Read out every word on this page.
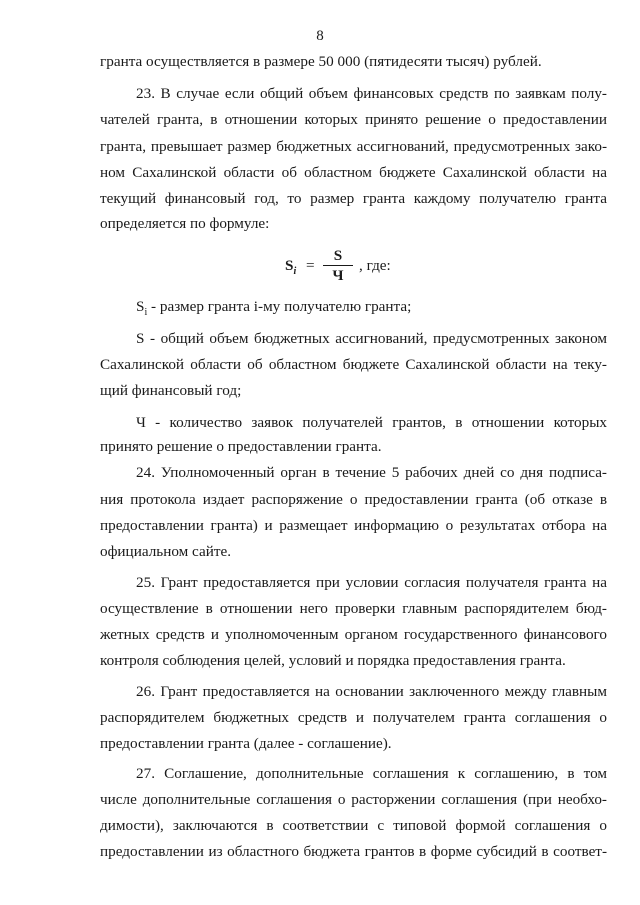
8
гранта осуществляется в размере 50 000 (пятидесяти тысяч) рублей.
23. В случае если общий объем финансовых средств по заявкам полу-
чателей гранта, в отношении которых принято решение о предоставлении
гранта, превышает размер бюджетных ассигнований, предусмотренных зако-
ном Сахалинской области об областном бюджете Сахалинской области на
текущий финансовый год, то размер гранта каждому получателю гранта
определяется по формуле:
$S_i$ =
S
Ч
, где:
$S_i$ - размер гранта i-му получателю гранта;
S - общий объем бюджетных ассигнований, предусмотренных законом
Сахалинской области об областном бюджете Сахалинской области на теку-
щий финансовый год;
Ч - количество заявок получателей грантов, в отношении которых
принято решение о предоставлении гранта.
24. Уполномоченный орган в течение 5 рабочих дней со дня подписа-
ния протокола издает распоряжение о предоставлении гранта (об отказе в
предоставлении гранта) и размещает информацию о результатах отбора на
официальном сайте.
25. Грант предоставляется при условии согласия получателя гранта на
осуществление в отношении него проверки главным распорядителем бюд-
жетных средств и уполномоченным органом государственного финансового
контроля соблюдения целей, условий и порядка предоставления гранта.
26. Грант предоставляется на основании заключенного между главным
распорядителем бюджетных средств и получателем гранта соглашения о
предоставлении гранта (далее - соглашение).
27. Соглашение, дополнительные соглашения к соглашению, в том
числе дополнительные соглашения о расторжении соглашения (при необхо-
димости), заключаются в соответствии с типовой формой соглашения о
предоставлении из областного бюджета грантов в форме субсидий в соответ-
